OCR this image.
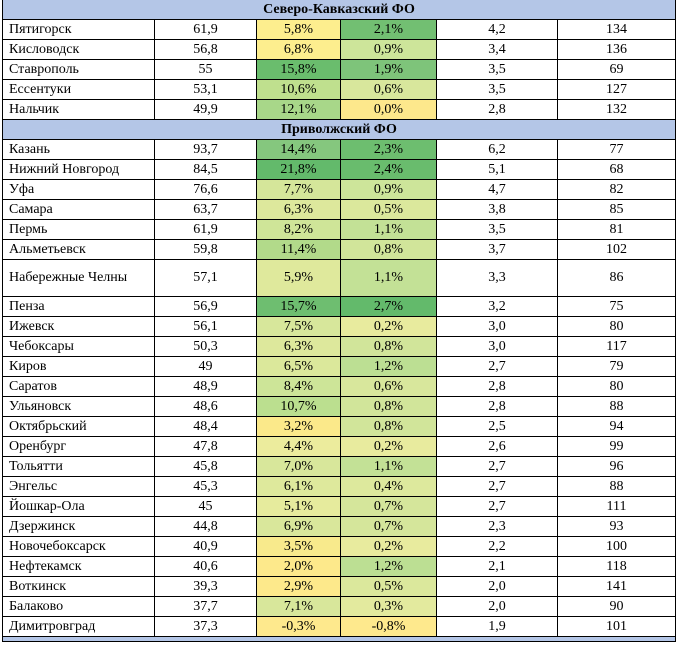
Северо-Кавказский ФО					
Пятигорск	61,9	5,8%	2,1%	4,2	134
Кисловодск	56,8	6,8%	0,9%	3,4	136
Ставрополь	55	15,8%	1,9%	3,5	69
Ессентуки	53,1	10,6%	0,6%	3,5	127
Нальчик	49,9	12,1%	0,0%	2,8	132
Приволжский ФО					
Казань	93,7	14,4%	2,3%	6,2	77
Нижний Новгород	84,5	21,8%	2,4%	5,1	68
Уфа	76,6	7,7%	0,9%	4,7	82
Самара	63,7	6,3%	0,5%	3,8	85
Пермь	61,9	8,2%	1,1%	3,5	81
Альметьевск	59,8	11,4%	0,8%	3,7	102
Набережные Челны	57,1	5,9%	1,1%	3,3	86
Пенза	56,9	15,7%	2,7%	3,2	75
Ижевск	56,1	7,5%	0,2%	3,0	80
Чебоксары	50,3	6,3%	0,8%	3,0	117
Киров	49	6,5%	1,2%	2,7	79
Саратов	48,9	8,4%	0,6%	2,8	80
Ульяновск	48,6	10,7%	0,8%	2,8	88
Октябрьский	48,4	3,2%	0,8%	2,5	94
Оренбург	47,8	4,4%	0,2%	2,6	99
Тольятти	45,8	7,0%	1,1%	2,7	96
Энгельс	45,3	6,1%	0,4%	2,7	88
Йошкар-Ола	45	5,1%	0,7%	2,7	111
Дзержинск	44,8	6,9%	0,7%	2,3	93
Новочебоксарск	40,9	3,5%	0,2%	2,2	100
Нефтекамск	40,6	2,0%	1,2%	2,1	118
Воткинск	39,3	2,9%	0,5%	2,0	141
Балаково	37,7	7,1%	0,3%	2,0	90
Димитровград	37,3	-0,3%	-0,8%	1,9	101
